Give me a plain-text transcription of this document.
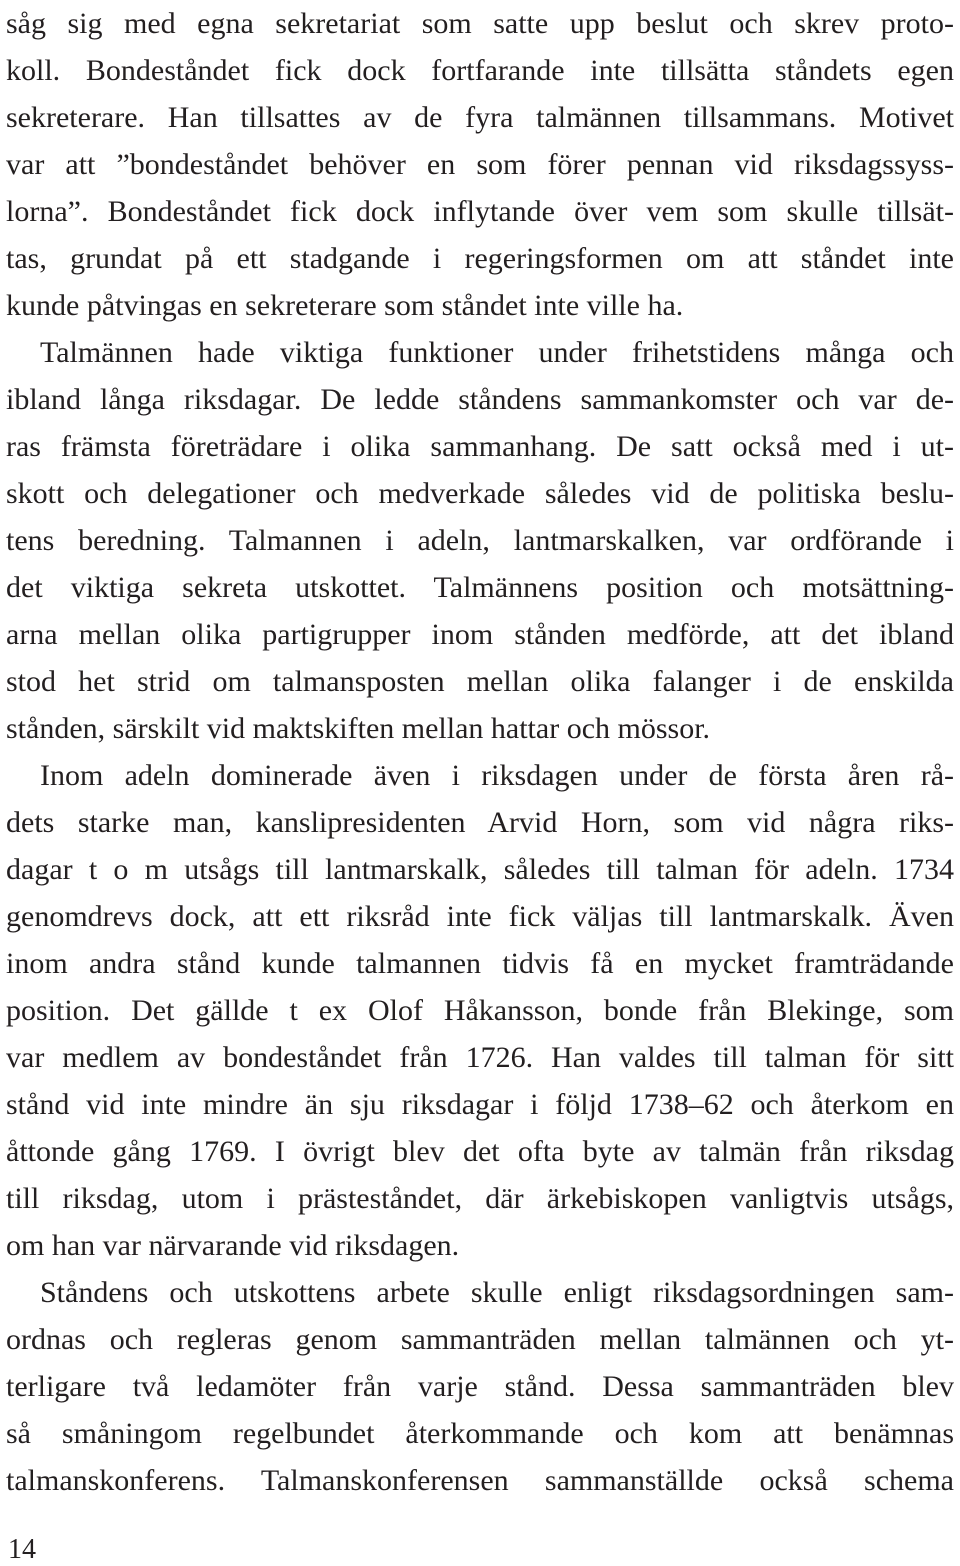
såg sig med egna sekretariat som satte upp beslut och skrev proto-
koll. Bondeståndet fick dock fortfarande inte tillsätta ståndets egen
sekreterare. Han tillsattes av de fyra talmännen tillsammans. Motivet
var att ”bondeståndet behöver en som förer pennan vid riksdagssyss-
lorna”. Bondeståndet fick dock inflytande över vem som skulle tillsät-
tas, grundat på ett stadgande i regeringsformen om att ståndet inte
kunde påtvingas en sekreterare som ståndet inte ville ha.
Talmännen hade viktiga funktioner under frihetstidens många och
ibland långa riksdagar. De ledde ståndens sammankomster och var de-
ras främsta företrädare i olika sammanhang. De satt också med i ut-
skott och delegationer och medverkade således vid de politiska beslu-
tens beredning. Talmannen i adeln, lantmarskalken, var ordförande i
det viktiga sekreta utskottet. Talmännens position och motsättning-
arna mellan olika partigrupper inom stånden medförde, att det ibland
stod het strid om talmansposten mellan olika falanger i de enskilda
stånden, särskilt vid maktskiften mellan hattar och mössor.
Inom adeln dominerade även i riksdagen under de första åren rå-
dets starke man, kanslipresidenten Arvid Horn, som vid några riks-
dagar t o m utsågs till lantmarskalk, således till talman för adeln. 1734
genomdrevs dock, att ett riksråd inte fick väljas till lantmarskalk. Även
inom andra stånd kunde talmannen tidvis få en mycket framträdande
position. Det gällde t ex Olof Håkansson, bonde från Blekinge, som
var medlem av bondeståndet från 1726. Han valdes till talman för sitt
stånd vid inte mindre än sju riksdagar i följd 1738–62 och återkom en
åttonde gång 1769. I övrigt blev det ofta byte av talmän från riksdag
till riksdag, utom i prästeståndet, där ärkebiskopen vanligtvis utsågs,
om han var närvarande vid riksdagen.
Ståndens och utskottens arbete skulle enligt riksdagsordningen sam-
ordnas och regleras genom sammanträden mellan talmännen och yt-
terligare två ledamöter från varje stånd. Dessa sammanträden blev
så småningom regelbundet återkommande och kom att benämnas
talmanskonferens. Talmanskonferensen sammanställde också schema
14
